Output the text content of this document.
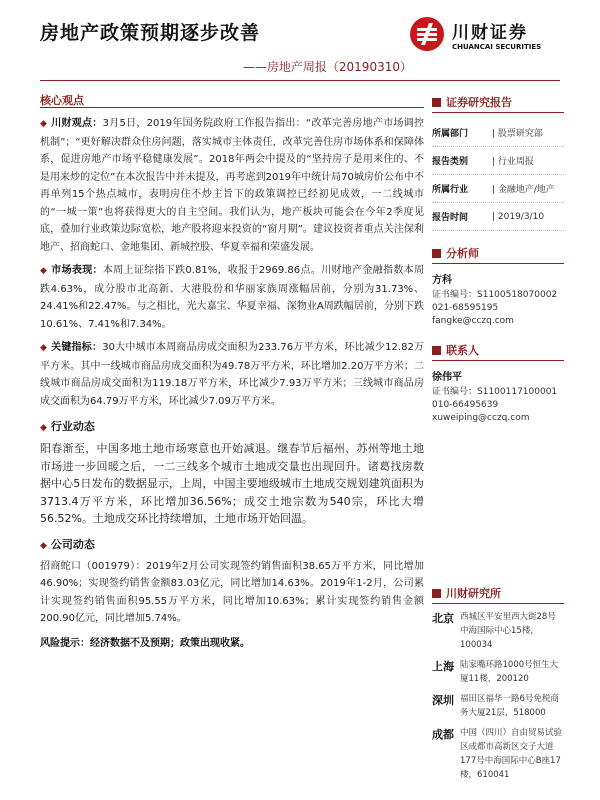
房地产政策预期逐步改善
——房地产周报（20190310）
川财证券
CHUANCAI SECURITIES
核心观点
◆ 川财观点：3月5日，2019年国务院政府工作报告指出：“改革完善房地产市场调控机制”；“更好解决群众住房问题，落实城市主体责任，改革完善住房市场体系和保障体系，促进房地产市场平稳健康发展”。2018年两会中提及的“坚持房子是用来住的、不是用来炒的定位”在本次报告中并未提及，再考虑到2019年中统计局70城房价公布中不再单列15个热点城市，表明房住不炒主旨下的政策调控已经初见成效，一二线城市的“一城一策”也将获得更大的自主空间。我们认为，地产板块可能会在今年2季度见底，叠加行业政策边际宽松，地产股将迎来投资的“窗月期”。建议投资者重点关注保利地产、招商蛇口、金地集团、新城控股、华夏幸福和荣盛发展。
◆ 市场表现：本周上证综指下跌0.81%，收报于2969.86点。川财地产金融指数本周跌4.63%，成分股市北高新、大港股份和华丽家族周涨幅居前，分别为31.73%、24.41%和22.47%。与之相比，光大嘉宝、华夏幸福、深物业A周跌幅居前，分别下跌10.61%、7.41%和7.34%。
◆ 关键指标：30大中城市本周商品房成交面积为233.76万平方米，环比减少12.82万平方米。其中一线城市商品房成交面积为49.78万平方米，环比增加2.20万平方米；二线城市商品房成交面积为119.18万平方米，环比减少7.93万平方米；三线城市商品房成交面积为64.79万平方米，环比减少7.09万平方米。
◆ 行业动态
阳春渐至，中国多地土地市场寒意也开始减退。继春节后福州、苏州等地土地市场进一步回暖之后，一二三线多个城市土地成交量也出现回升。诸葛找房数据中心5日发布的数据显示，上周，中国主要地级城市土地成交规划建筑面积为3713.4万平方米，环比增加36.56%；成交土地宗数为540宗，环比大增56.52%。土地成交环比持续增加，土地市场开始回温。
◆ 公司动态
招商蛇口（001979）：2019年2月公司实现签约销售面积38.65万平方米，同比增加46.90%；实现签约销售金额83.03亿元，同比增加14.63%。2019年1-2月，公司累计实现签约销售面积95.55万平方米，同比增加10.63%；累计实现签约销售金额200.90亿元，同比增加5.74%。
风险提示：经济数据不及预期；政策出现收紧。
证券研究报告
所属部门	| 股票研究部
报告类别	| 行业周报
所属行业	| 金融地产/地产
报告时间	| 2019/3/10
分析师
方科
证书编号：S1100518070002
021-68595195
fangke@cczq.com
联系人
徐伟平
证书编号：S1100117100001
010-66495639
xuweiping@cczq.com
川财研究所
北京 西城区平安里西大街28号中海国际中心15楼，100034
上海 陆家嘴环路1000号恒生大厦11楼，200120
深圳 福田区福华一路6号免税商务大厦21层，518000
成都 中国（四川）自由贸易试验区成都市高新区交子大道177号中海国际中心B座17楼，610041
